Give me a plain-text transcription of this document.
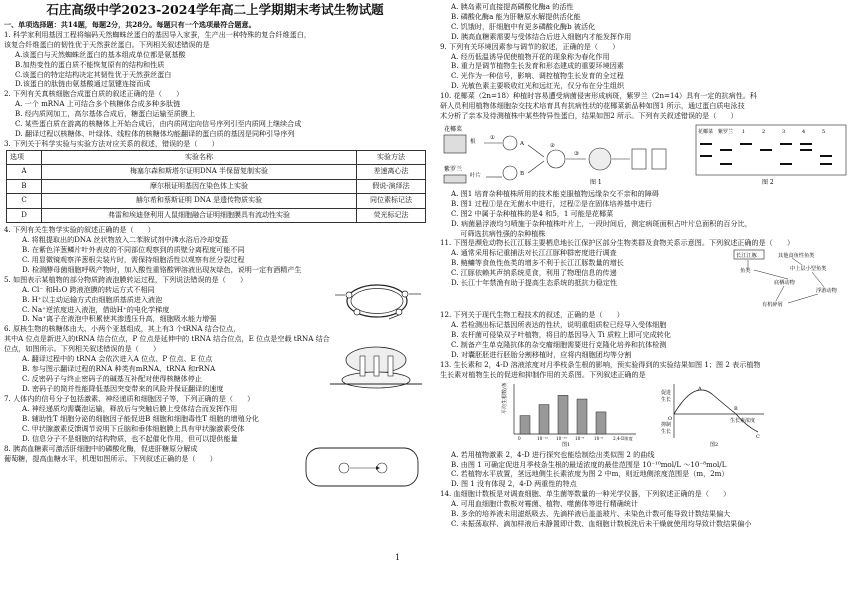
石庄高级中学2023-2024学年高二上学期期末考试生物试题

一、单项选择题：共14题，每题2分，共28分。每题只有一个选项最符合题意。

1. 科学家利用基因工程将编码天然蜘蛛丝蛋白的基因导入家蚕，生产出一种特殊的复合纤维蛋白，

该复合纤维蛋白的韧性优于天然蚕丝蛋白。下列相关叙述错误的是

A.该蛋白与天然蜘蛛丝蛋白的基本组成单位都是氨基酸

B.加热变性的蛋白质不能恢复原有的结构和性质

C.该蛋白的特定结构决定其韧性优于天然蚕丝蛋白

D.该蛋白的肽链由氨基酸通过氢键连接而成

2. 下列有关真核细胞合成蛋白质的叙述正确的是（　　）

A. 一个 mRNA 上可结合多个核糖体合成多种多肽链

B. 经内质网加工，高尔基体合成后，糖蛋白运输至质膜上

C. 某些蛋白质在游离的核糖体上开始合成后，由内质网定向信号序列引至内质网上继续合成

D. 翻译过程以核糖体、叶绿体、线粒体的核糖体均能翻译的蛋白质的基因是同种引导序列

3. 下列关于科学实验与实验方法对应关系的叙述，错误的是（　　）

选项	实验名称	实验方法
A	梅塞尔森和斯塔尔证明DNA 半保留复制实验	差速离心法
B	摩尔根证明基因在染色体上实验	假说-演绎法
C	赫尔希和蔡斯证明 DNA 是遗传物质实验	同位素标记法
D	弗雷和埃迪登利用人鼠细胞融合证明细胞膜具有流动性实验	荧光标记法

4. 下列有关生物学实验的叙述正确的是（　　）

A. 将粗提取出的DNA 丝状物放入二苯胺试剂中沸水浴后冷却变蓝

B. 在紫色洋葱鳞片叶外表皮的不同部位观察到的质壁分离程度可能不同

C. 用显微镜观察洋葱根尖装片时，需保持细胞活性以观察有丝分裂过程

D. 检测酵母菌细胞呼吸产物时，加入酸性重铬酸钾溶液出现灰绿色，说明一定有酒精产生

5. 如图表示某植物的部分物质跨液泡膜转运过程，下列说法错误的是（　　）

A. Cl⁻ 和H₂O 跨液泡膜的转运方式不相同

B. H⁺以主动运输方式由细胞质基质进入液泡

C. Na⁺逆浓度进入液泡，借助H⁺的电化学梯度

D. Na⁺离子在液泡中积累使其渗透压升高，细胞吸水能力增强

6. 原核生物的核糖体由大、小两个亚基组成，其上有3 个tRNA 结合位点，

其中A 位点是新进入的tRNA 结合位点，P 位点是延伸中的 tRNA 结合位点，E 位点是空载 tRNA 结合

位点，如图所示。下列相关叙述错误的是（　　）

A. 翻译过程中的 tRNA 会依次进入A 位点、P 位点、E 位点

B. 参与图示翻译过程的RNA 种类有mRNA、tRNA 和rRNA

C. 反密码子与终止密码子的碱基互补配对使得核糖体停止

D. 密码子的简并性能降低基因突变带来的风险并保证翻译的速度

7. 人体内的信号分子包括激素、神经递质和细胞因子等，下列正确的是（　　）

A. 神经递质均需囊泡运输，释放后与突触后膜上受体结合而发挥作用

B. 辅助性T 细胞分泌的细胞因子能促进B 细胞和细胞毒性T 细胞的增殖分化

C. 甲状腺激素反馈调节说明下丘脑和垂体细胞膜上具有甲状腺激素受体

D. 信息分子不是细胞的结构物质，也不起催化作用，但可以提供能量

8. 胰高血糖素可激活肝细胞中的磷酸化酶，促进肝糖原分解成

葡萄糖，提高血糖水平，机理如图所示。下列叙述正确的是（　　）

1

A. 胰岛素可直接提高磷酸化酶a 的活性

B. 磷酸化酶a 能为肝糖原水解提供活化能

C. 饥饿时，肝细胞中有更多磷酸化酶b 被活化

D. 胰高血糖素需要与受体结合后进入细胞内才能发挥作用

9. 下列有关环境因素参与调节的叙述，正确的是（　　）

A. 经历低温诱导促使植物开花的现象称为春化作用

B. 重力是调节植物生长发育和形态建成的重要环境因素

C. 光作为一种信号，影响、调控植物生长发育的全过程

D. 光敏色素主要吸收红光和远红光，仅分布在分生组织

10. 花椰菜（2n=18）种植时容易遭受病菌侵害形成病斑，紫罗兰（2n=14）具有一定的抗病性。科

研人员利用植物体细胞杂交技术培育具有抗病性状的花椰菜新品种如图1 所示，通过蛋白质电泳技

术分析了亲本及待测植株中某些特异性蛋白，结果如图2 所示。下列有关叙述错误的是（　　）

花椰菜
紫罗兰
根
叶片
①
A
B
②
③
图 1
花椰菜 紫罗兰 1	2	3	4	5
图 2

A. 图1 培育杂种植株所用的技术能克服植物远缘杂交不亲和的障碍

B. 图1 过程①是在无菌水中进行，过程②是在固体培养基中进行

C. 图2 中属于杂种植株的是4 和5，1 可能是花椰菜

D. 病菌悬浮液均匀喷施于杂种植株叶片上，一段时间后，测定病斑面积占叶片总面积的百分比，

　 可筛选抗病性强的杂种植株

11. 下图是濒危动物长江江豚主要栖息地长江保护区部分生物类群及食物关系示意图。下列叙述正确的是（　　）

A. 通常采用标记重捕法对长江江豚种群密度进行调查

B. 鲢鳙等食鱼性鱼类的增多不利于长江江豚数量的增长

C. 江豚依赖其声纳系统觅食，利用了物理信息的传递

D. 长江十年禁渔有助于提高生态系统的抵抗力稳定性

长江江豚	其他食鱼性鱼类
鱼类	中上层小型鱼类
底栖动物
浮游动物
有机碎屑

12. 下列关于现代生物工程技术的叙述，正确的是（　　）

A. 若检测出标记基因所表达的性状，说明重组质粒已经导入受体细胞

B. 农杆菌可侵染双子叶植物，将目的基因导入 Ti 质粒上即可完成转化

C. 制备产生单克隆抗体的杂交瘤细胞需要进行克隆化培养和抗体检测

D. 对囊胚胚进行胚胎分割移植时，应将内细胞团均等分割

13. 生长素和 2，4-D 溶液浓度对月季枝条生根的影响，预实验得到的实验结果如图 1；图 2 表示植物

生长素对植物生长的促进和抑制作用的关系图。下列叙述正确的是

平均生根数/条
0	10⁻¹² 10⁻¹⁰ 10⁻⁸ 10⁻⁶ 2,4-D浓度
图1
促进
生长
抑制
生长
生长素浓度
O
A
B
C
图2

A. 若用植物激素 2，4-D 进行探究也能绘制绘出类似图 2 的曲线

B. 由图 1 可确定促进月季枝条生根的最适浓度的最佳范围是 10⁻¹⁰mol/L ～10⁻⁸mol/L

C. 若植物水平放置，茎远地侧生长素浓度为图 2 中m，则近地侧浓度范围是（m，2m）

D. 图 1 没有体现 2，4-D 两重性的特点

14. 血细胞计数板是对调查细胞、单生菌等数量的一种光学仪器，下列叙述正确的是（　　）

A. 可用血细胞计数板对霉菌、植物、噬菌体等进行精确统计

B. 多余的培养液未用滤纸吸去、先滴样液后盖盖玻片、未染色计数可能导致计数结果偏大

C. 未振荡取样、滴加样液后未静置即计数、血细胞计数板洗后未干燥就使用均导致计数结果偏小
